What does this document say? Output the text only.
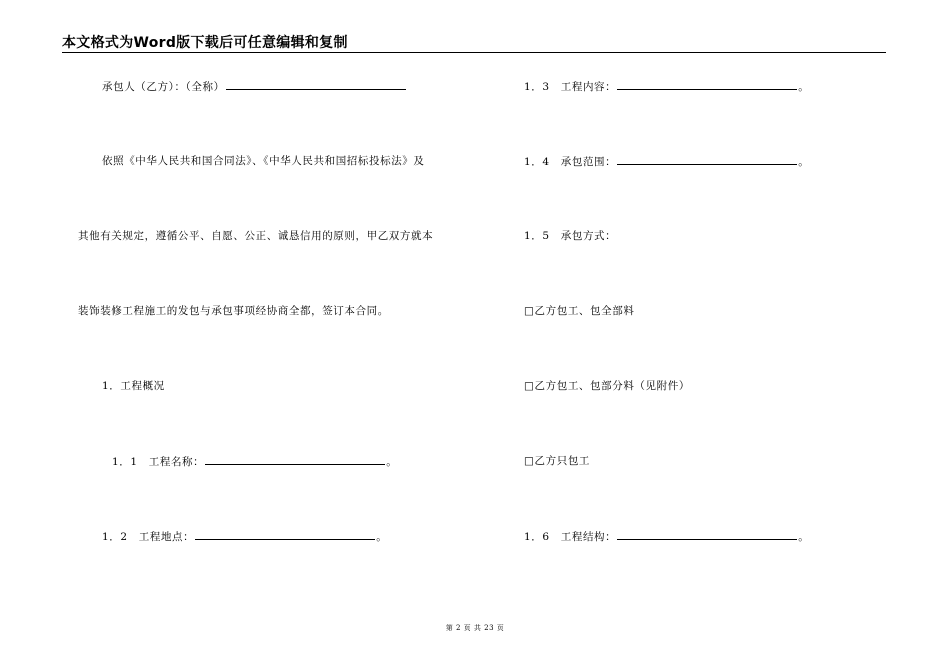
本文格式为Word版下载后可任意编辑和复制
承包人（乙方）：（全称）
依照《中华人民共和国合同法》、《中华人民共和国招标投标法》及
其他有关规定，遵循公平、自愿、公正、诚恳信用的原则，甲乙双方就本
装饰装修工程施工的发包与承包事项经协商全都，签订本合同。
1．工程概况
1．1　工程名称：	。
1．2　工程地点：	。
1．3　工程内容：	。
1．4　承包范围：	。
1．5　承包方式：
□乙方包工、包全部料
□乙方包工、包部分料（见附件）
□乙方只包工
1．6　工程结构：	。
第 2 页 共 23 页
